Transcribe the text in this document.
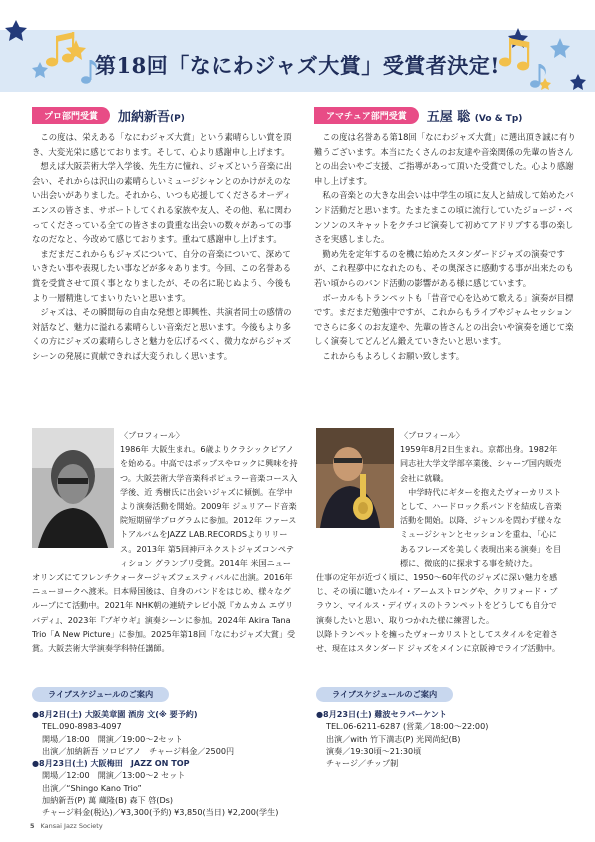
第18回「なにわジャズ大賞」受賞者決定!
プロ部門受賞	加納新吾(P)

この度は、栄えある「なにわジャズ大賞」という素晴らしい賞を頂き、大変光栄に感じております。そして、心より感謝申し上げます。

想えば大阪芸術大学入学後、先生方に憧れ、ジャズという音楽に出会い、それからは沢山の素晴らしいミュージシャンとのかけがえのない出会いがありました。それから、いつも応援してくださるオーディエンスの皆さま、サポートしてくれる家族や友人、その他、私に関わってくださっている全ての皆さまの貴重な出会いの数々があっての事なのだなと、今改めて感じております。重ねて感謝申し上げます。

まだまだこれからもジャズについて、自分の音楽について、深めていきたい事や表現したい事などが多々あります。今回、この名誉ある賞を受賞させて頂く事となりましたが、その名に恥じぬよう、今後もより一層精進してまいりたいと思います。

ジャズは、その瞬間毎の自由な発想と即興性、共演者同士の感情の対話など、魅力に溢れる素晴らしい音楽だと思います。今後もより多くの方にジャズの素晴らしさと魅力を広げるべく、微力ながらジャズシーンの発展に貢献できれば大変うれしく思います。

アマチュア部門受賞	五屋 聡 (Vo & Tp)

この度は名誉ある第18回「なにわジャズ大賞」に選出頂き誠に有り難うございます。本当にたくさんのお友達や音楽関係の先輩の皆さんとの出会いやご支援、ご指導があって頂いた受賞でした。心より感謝申し上げます。

私の音楽との大きな出会いは中学生の頃に友人と結成して始めたバンド活動だと思います。たまたまこの頃に流行していたジョージ・ベンソンのスキャットをクチコピ演奏して初めてアドリブする事の楽しさを実感しました。

勤め先を定年するのを機に始めたスタンダードジャズの演奏ですが、これ程夢中になれたのも、その奥深さに感動する事が出来たのも若い頃からのバンド活動の影響がある様に感じています。

ボーカルもトランペットも「昔音で心を込めて歌える」演奏が目標です。まだまだ勉強中ですが、これからもライブやジャムセッションでさらに多くのお友達や、先輩の皆さんとの出会いや演奏を通じて楽しく演奏してどんどん鍛えていきたいと思います。

これからもよろしくお願い致します。

〈プロフィール〉

1986年 大阪生まれ。6歳よりクラシックピアノを始める。中高ではポップスやロックに興味を持つ。大阪芸術大学音楽科ポピュラー音楽コース入学後、近 秀樹氏に出会いジャズに傾倒。在学中より演奏活動を開始。2009年 ジュリアード音楽院短期留学プログラムに参加。2012年 ファーストアルバムをJAZZ LAB.RECORDSよりリリース。2013年 第5回神戸ネクストジャズコンペティション グランプリ受賞。2014年 米国ニューオリンズにてフレンチクォータージャズフェスティバルに出演。2016年 ニューヨークへ渡米。日本帰国後は、自身のバンドをはじめ、様々なグループにて活動中。2021年 NHK朝の連続テレビ小説『カムカム エヴリバディ』、2023年『ブギウギ』演奏シーンに参加。2024年 Akira Tana Trio「A New Picture」に参加。2025年第18回「なにわジャズ大賞」受賞。大阪芸術大学演奏学科特任講師。

〈プロフィール〉
1959年8月2日生まれ。京都出身。1982年同志社大学文学部卒業後、シャープ国内販売会社に就職。
中学時代にギターを抱えたヴォーカリストとして、ハードロック系バンドを結成し音楽活動を開始。以降、ジャンルを問わず様々なミュージシャンとセッションを重ね、「心にあるフレーズを美しく表現出来る演奏」を目標に、微底的に探求する事を続けた。
仕事の定年が近づく頃に、1950～60年代のジャズに深い魅力を感じ、その頃に聴いたルイ・アームストロングや、クリフォード・ブラウン、マイルス・デイヴィスのトランペットをどうしても自分で演奏したいと思い、取りつかれた様に練習した。
以降トランペットを擁ったヴォーカリストとしてスタイルを定着させ、現在はスタンダード ジャズをメインに京阪神でライブ活動中。

ライブスケジュールのご案内
●8月2日(土) 大阪美章園 酒房 文(※ 要予約)
TEL.090-8983-4097
開場／18:00　開演／19:00～2セット
出演／加納新吾 ソロピアノ　チャージ料金／2500円
●8月23日(土) 大阪梅田　JAZZ ON TOP
開場／12:00　開演／13:00～2 セット
出演／“Shingo Kano Trio”
加納新吾(P) 萬 蔵隆(B) 森下 啓(Ds)
チャージ料金(税込)／¥3,300(予約) ¥3,850(当日) ¥2,200(学生)
ライブスケジュールのご案内
●8月23日(土) 難波セラパーケント
TEL.06-6211-6287 (営業／18:00～22:00)
出演／with 竹下満志(P) 光岡尚紀(B)
演奏／19:30頃～21:30頃
チャージ／チップ制
5 Kansai Jazz Society
